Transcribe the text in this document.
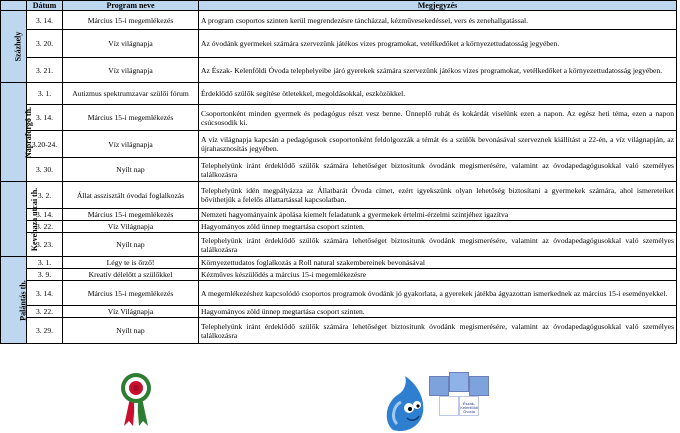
	Dátum	Program neve	Megjegyzés
Százhely	3. 14.	Március 15-i megemlékezés	A program csoportos szinten kerül megrendezésre táncházzal, kézművesekedéssel, vers és zenehallgatással.
	3. 20.	Víz világnapja	Az óvodánk gyermekei számára szervezünk játékos vizes programokat, vetélkedőket a környezettudatosság jegyében.
	3. 21.	Víz világnapja	Az Észak- Kelenföldi Óvoda telephelyeibe járó gyerekek számára szervezünk játékos vizes programokat, vetélkedőket a környezettudatosság jegyében.
Napraforgó th.	3. 1.	Autizmus spektrumzavar szülői fórum	Érdeklődő szülők segítése ötletekkel, megoldásokkal, eszközökkel.
	3. 14.	Március 15-i megemlékezés	Csoportonként minden gyermek és pedagógus részt vesz benne. Ünneplő ruhát és kokárdát viselünk ezen a napon. Az egész heti téma, ezen a napon csúcsosodik ki.
	3.20-24.	Víz világnapja	A víz világnapja kapcsán a pedagógusok csoportonként feldolgozzák a témát és a szülők bevonásával szerveznek kiállítást a 22-én, a víz világnapján, az újrahasznosítás jegyében.
	3. 30.	Nyílt nap	Telephelyünk iránt érdeklődő szülők számára lehetőséget biztosítunk óvodánk megismerésére, valamint az óvodapedagógusokkal való személyes találkozásra
Kevehaza utcai th.	3. 2.	Állat asszisztált óvodai foglalkozás	Telephelyünk idén megpályázza az Állatbarát Óvoda címet, ezért igyekszünk olyan lehetőség biztosítani a gyermekek számára, ahol ismereteiket bővíthetjük a felelős állattartással kapcsolatban.
	3. 14.	Március 15-i megemlékezés	Nemzeti hagyományaink ápolása kiemelt feladatunk a gyermekek értelmi-érzelmi szintjéhez igazítva
	3. 22.	Víz Világnapja	Hagyományos zöld ünnep megtartása csoport szinten.
	3. 23.	Nyílt nap	Telephelyünk iránt érdeklődő szülők számára lehetőséget biztosítunk óvodánk megismerésére, valamint az óvodapedagógusokkal való személyes találkozásra
Palántás th.	3. 1.	Légy te is őrző!	Környezettudatos foglalkozás a Roll natural szakembereinek bevonásával
	3. 9.	Kreatív délelőtt a szülőkkel	Kézműves készülődés a március 15-i megemlékezésre
	3. 14.	Március 15-i megemlékezés	A megemlékezéshez kapcsolódó csoportos programok óvodánk jó gyakorlata, a gyerekek játékba ágyazottan ismerkednek az március 15-i eseményekkel.
	3. 22.	Víz Világnapja	Hagyományos zöld ünnep megtartása csoport szinten.
	3. 29.	Nyílt nap	Telephelyünk iránt érdeklődő szülők számára lehetőséget biztosítunk óvodánk megismerésére, valamint az óvodapedagógusokkal való személyes találkozásra
Észak-Kelenföldi Óvoda
